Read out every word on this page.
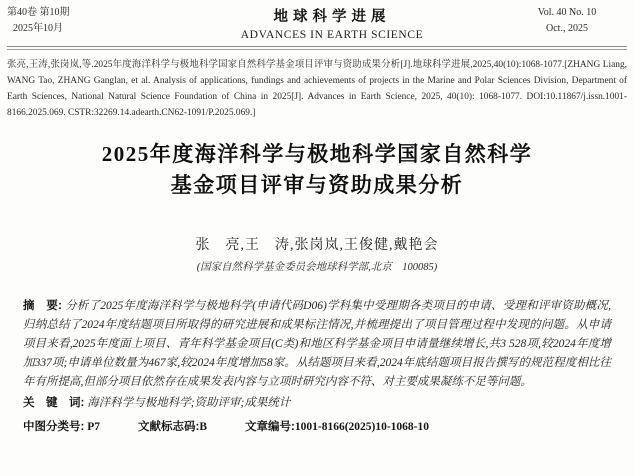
第40卷 第10期
2025年10月
地球科学进展
ADVANCES IN EARTH SCIENCE
Vol. 40 No. 10
Oct., 2025
张亮,王涛,张岗岚,等.2025年度海洋科学与极地科学国家自然科学基金项目评审与资助成果分析[J].地球科学进展,2025,40(10):1068-1077.[ZHANG Liang, WANG Tao, ZHANG Ganglan, et al. Analysis of applications, fundings and achievements of projects in the Marine and Polar Sciences Division, Department of Earth Sciences, National Natural Science Foundation of China in 2025[J]. Advances in Earth Science, 2025, 40(10): 1068-1077. DOI:10.11867/j.issn.1001-8166.2025.069. CSTR:32269.14.adearth.CN62-1091/P.2025.069.]
2025年度海洋科学与极地科学国家自然科学
基金项目评审与资助成果分析
张　亮,王　涛,张岗岚,王俊健,戴艳会
(国家自然科学基金委员会地球科学部,北京　100085)
摘　要: 分析了2025年度海洋科学与极地科学(申请代码D06)学科集中受理期各类项目的申请、受理和评审资助概况,归纳总结了2024年度结题项目所取得的研究进展和成果标注情况,并梳理提出了项目管理过程中发现的问题。从申请项目来看,2025年度面上项目、青年科学基金项目(C类)和地区科学基金项目申请量继续增长,共3 528项,较2024年度增加337项;申请单位数量为467家,较2024年度增加58家。从结题项目来看,2024年底结题项目报告撰写的规范程度相比往年有所提高,但部分项目依然存在成果发表内容与立项时研究内容不符、对主要成果凝练不足等问题。
关　键　词: 海洋科学与极地科学;资助评审;成果统计
中图分类号: P7	文献标志码:B	文章编号:1001-8166(2025)10-1068-10
